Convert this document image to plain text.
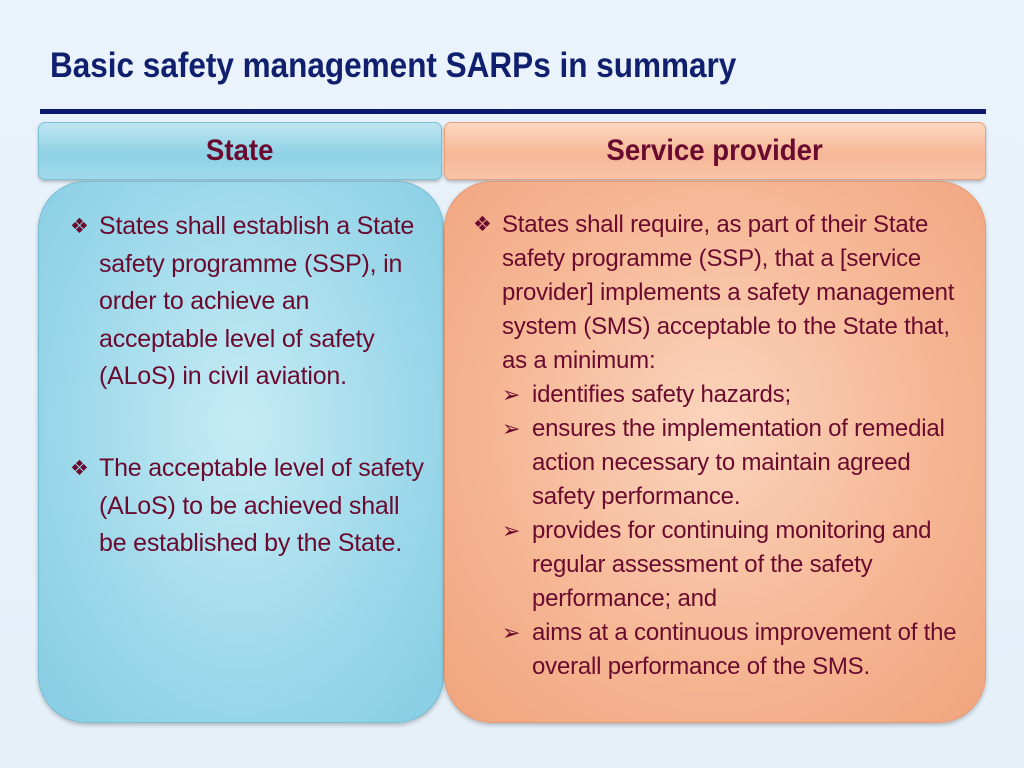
Basic safety management SARPs in summary
State	Service provider
❖ States shall establish a State safety programme (SSP), in order to achieve an acceptable level of safety (ALoS) in civil aviation.
❖ The acceptable level of safety (ALoS) to be achieved shall be established by the State.
❖ States shall require, as part of their State safety programme (SSP), that a [service provider] implements a safety management system (SMS) acceptable to the State that, as a minimum:
➢ identifies safety hazards;
➢ ensures the implementation of remedial action necessary to maintain agreed safety performance.
➢ provides for continuing monitoring and regular assessment of the safety performance; and
➢ aims at a continuous improvement of the overall performance of the SMS.
